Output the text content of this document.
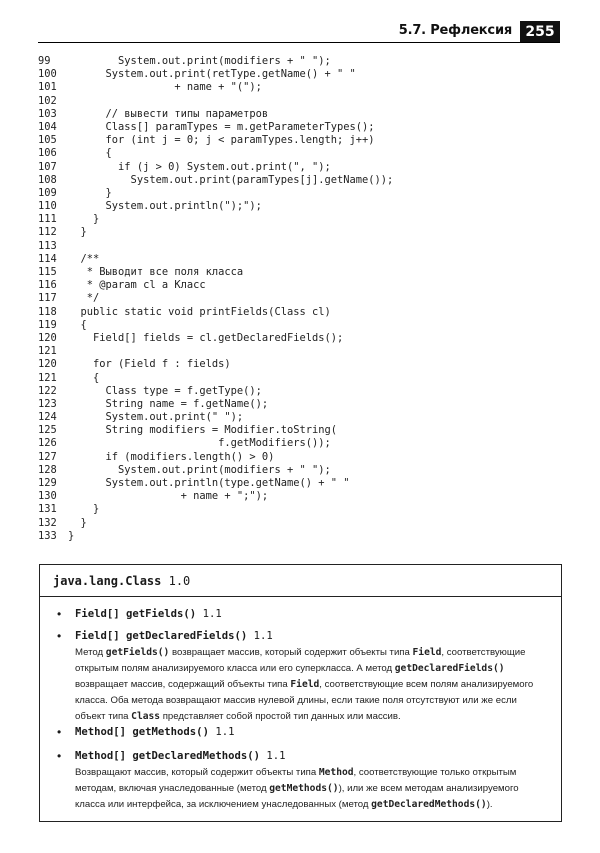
5.7. Рефлексия 255
99	System.out.print(modifiers + " ");
100	System.out.print(retType.getName() + " "
101	+ name + "(");
102
103	// вывести типы параметров
104	Class[] paramTypes = m.getParameterTypes();
105	for (int j = 0; j < paramTypes.length; j++)
106	{
107	if (j > 0) System.out.print(", ");
108	System.out.print(paramTypes[j].getName());
109	}
110	System.out.println(");");
111	}
112	}
113
114	/**
115	* Выводит все поля класса
116	* @param cl a Класс
117	*/
118	public static void printFields(Class cl)
119	{
120	Field[] fields = cl.getDeclaredFields();
121
120	for (Field f : fields)
121	{
122	Class type = f.getType();
123	String name = f.getName();
124	System.out.print(" ");
125	String modifiers = Modifier.toString(
126	f.getModifiers());
127	if (modifiers.length() > 0)
128	System.out.print(modifiers + " ");
129	System.out.println(type.getName() + " "
130	+ name + ";");
131	}
132	}
133	}
java.lang.Class 1.0
•	Field[] getFields() 1.1
•	Field[] getDeclaredFields() 1.1
Метод getFields() возвращает массив, который содержит объекты типа Field, соответствующие открытым полям анализируемого класса или его суперкласса. А метод getDeclaredFields() возвращает массив, содержащий объекты типа Field, соответствующие всем полям анализируемого класса. Оба метода возвращают массив нулевой длины, если такие поля отсутствуют или же если объект типа Class представляет собой простой тип данных или массив.
•	Method[] getMethods() 1.1
•	Method[] getDeclaredMethods() 1.1
Возвращают массив, который содержит объекты типа Method, соответствующие только открытым методам, включая унаследованные (метод getMethods()), или же всем методам анализируемого класса или интерфейса, за исключением унаследованных (метод getDeclaredMethods()).
